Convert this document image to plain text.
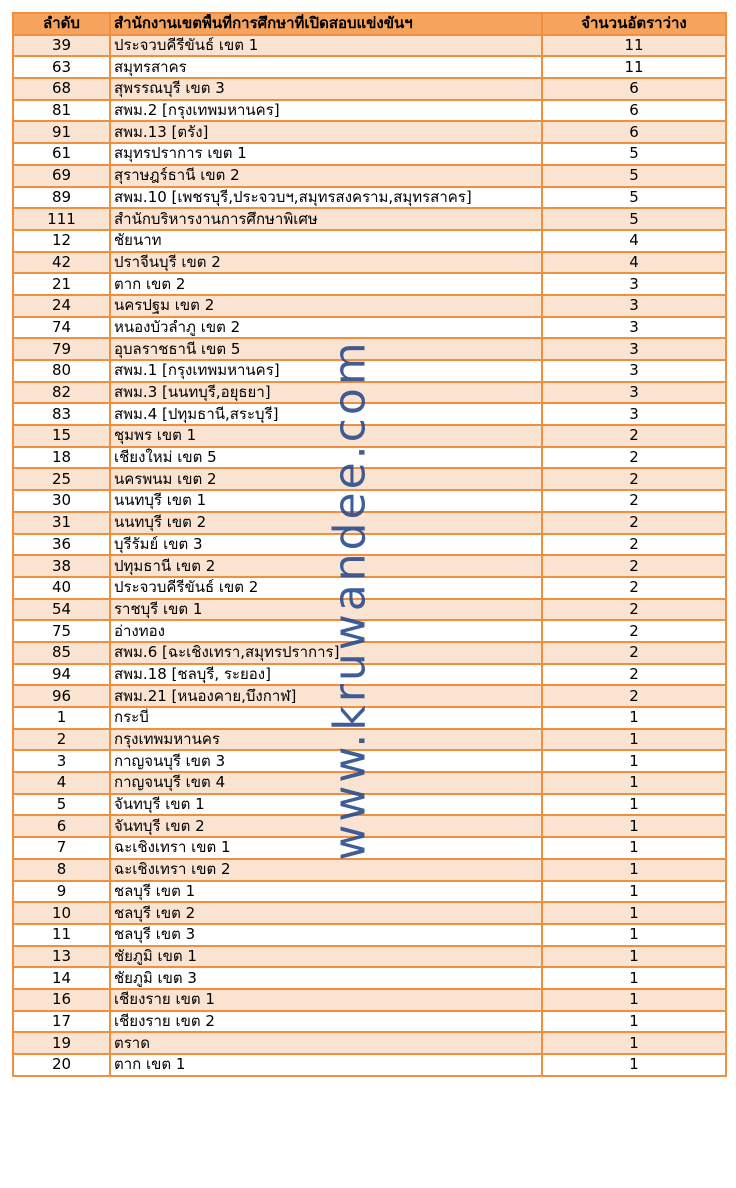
ลำดับ	สำนักงานเขตพื้นที่การศึกษาที่เปิดสอบแข่งขันฯ	จำนวนอัตราว่าง
39	ประจวบคีรีขันธ์ เขต 1	11
63	สมุทรสาคร	11
68	สุพรรณบุรี เขต 3	6
81	สพม.2 [กรุงเทพมหานคร]	6
91	สพม.13 [ตรัง]	6
61	สมุทรปราการ เขต 1	5
69	สุราษฎร์ธานี เขต 2	5
89	สพม.10 [เพชรบุรี,ประจวบฯ,สมุทรสงคราม,สมุทรสาคร]	5
111	สำนักบริหารงานการศึกษาพิเศษ	5
12	ชัยนาท	4
42	ปราจีนบุรี เขต 2	4
21	ตาก เขต 2	3
24	นครปฐม เขต 2	3
74	หนองบัวลำภู เขต 2	3
79	อุบลราชธานี เขต 5	3
80	สพม.1 [กรุงเทพมหานคร]	3
82	สพม.3 [นนทบุรี,อยุธยา]	3
83	สพม.4 [ปทุมธานี,สระบุรี]	3
15	ชุมพร เขต 1	2
18	เชียงใหม่ เขต 5	2
25	นครพนม เขต 2	2
30	นนทบุรี เขต 1	2
31	นนทบุรี เขต 2	2
36	บุรีรัมย์ เขต 3	2
38	ปทุมธานี เขต 2	2
40	ประจวบคีรีขันธ์ เขต 2	2
54	ราชบุรี เขต 1	2
75	อ่างทอง	2
85	สพม.6 [ฉะเชิงเทรา,สมุทรปราการ]	2
94	สพม.18 [ชลบุรี, ระยอง]	2
96	สพม.21 [หนองคาย,บึงกาฬ]	2
1	กระบี่	1
2	กรุงเทพมหานคร	1
3	กาญจนบุรี เขต 3	1
4	กาญจนบุรี เขต 4	1
5	จันทบุรี เขต 1	1
6	จันทบุรี เขต 2	1
7	ฉะเชิงเทรา เขต 1	1
8	ฉะเชิงเทรา เขต 2	1
9	ชลบุรี เขต 1	1
10	ชลบุรี เขต 2	1
11	ชลบุรี เขต 3	1
13	ชัยภูมิ เขต 1	1
14	ชัยภูมิ เขต 3	1
16	เชียงราย เขต 1	1
17	เชียงราย เขต 2	1
19	ตราด	1
20	ตาก เขต 1	1
www.kruwandee.com
